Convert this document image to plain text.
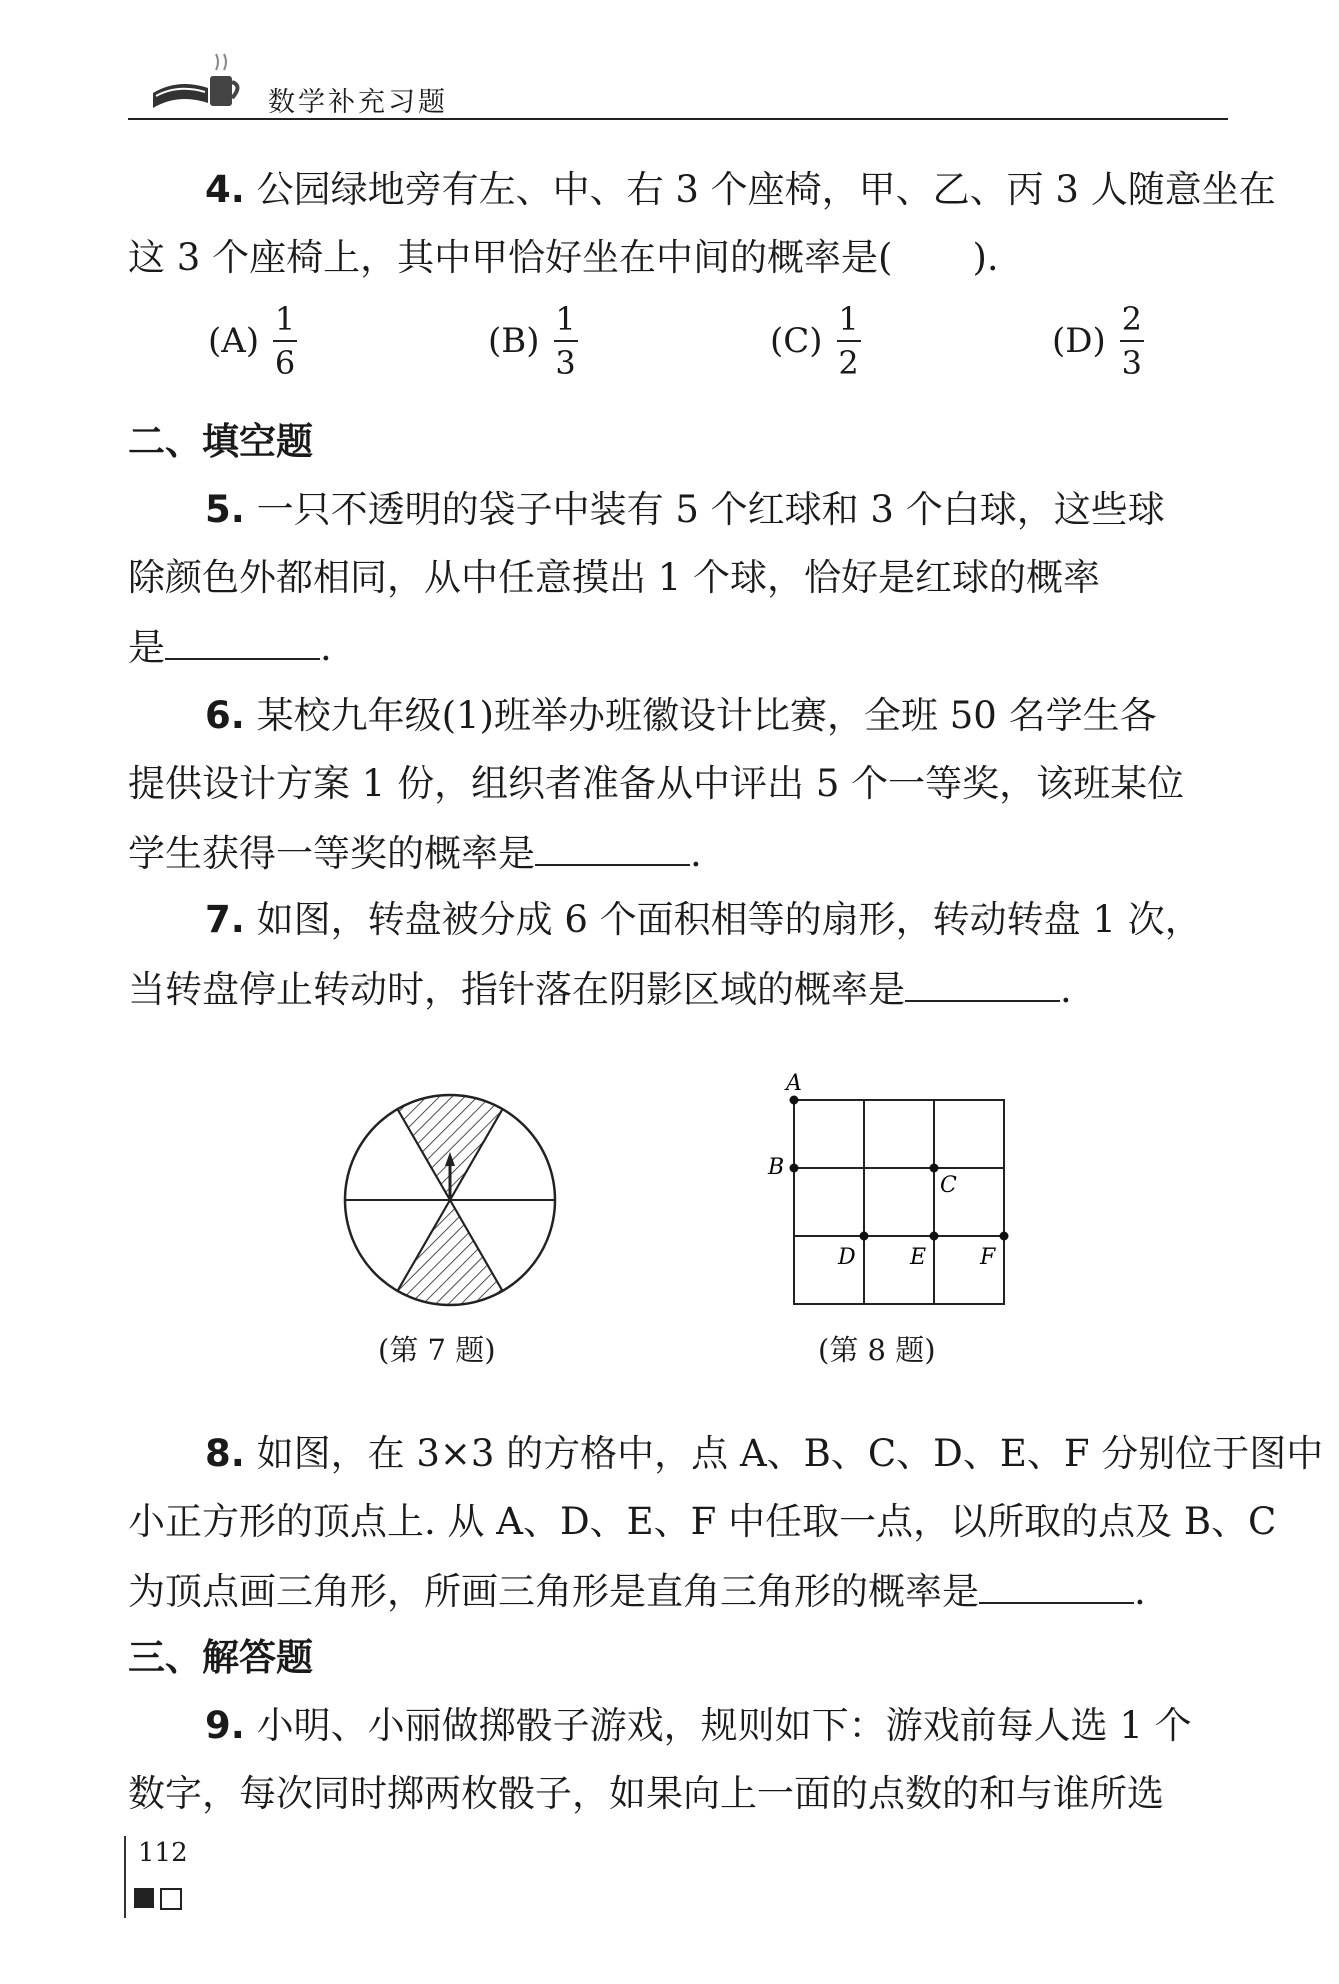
数学补充习题
4. 公园绿地旁有左、中、右 3 个座椅，甲、乙、丙 3 人随意坐在
这 3 个座椅上，其中甲恰好坐在中间的概率是( ).
$(A) \frac{1}{6}$	$(B) \frac{1}{3}$	$(C) \frac{1}{2}$	$(D) \frac{2}{3}$
二、填空题
5. 一只不透明的袋子中装有 5 个红球和 3 个白球，这些球
除颜色外都相同，从中任意摸出 1 个球，恰好是红球的概率
是	.
6. 某校九年级(1)班举办班徽设计比赛，全班 50 名学生各
提供设计方案 1 份，组织者准备从中评出 5 个一等奖，该班某位
学生获得一等奖的概率是	.
7. 如图，转盘被分成 6 个面积相等的扇形，转动转盘 1 次，
当转盘停止转动时，指针落在阴影区域的概率是	.
(第 7 题)
A
B
C
D E F
(第 8 题)
8. 如图，在 3×3 的方格中，点 A、B、C、D、E、F 分别位于图中
小正方形的顶点上. 从 A、D、E、F 中任取一点，以所取的点及 B、C
为顶点画三角形，所画三角形是直角三角形的概率是	.
三、解答题
9. 小明、小丽做掷骰子游戏，规则如下：游戏前每人选 1 个
数字，每次同时掷两枚骰子，如果向上一面的点数的和与谁所选
112
